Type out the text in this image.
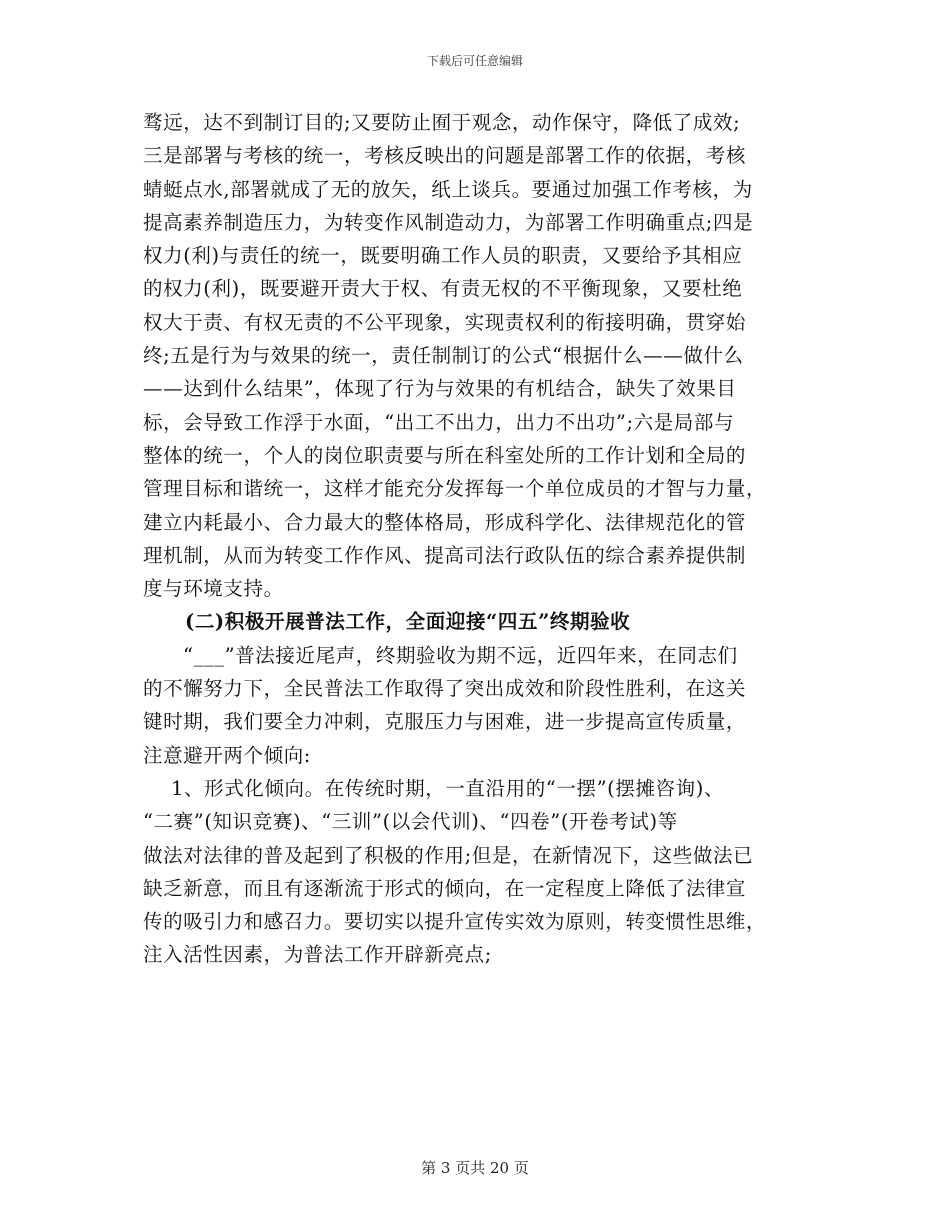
下载后可任意编辑
骛远，达不到制订目的;又要防止囿于观念，动作保守，降低了成效;
三是部署与考核的统一，考核反映出的问题是部署工作的依据，考核
蜻蜓点水,部署就成了无的放矢，纸上谈兵。要通过加强工作考核，为
提高素养制造压力，为转变作风制造动力，为部署工作明确重点;四是
权力(利)与责任的统一，既要明确工作人员的职责，又要给予其相应
的权力(利)，既要避开责大于权、有责无权的不平衡现象，又要杜绝
权大于责、有权无责的不公平现象，实现责权利的衔接明确，贯穿始
终;五是行为与效果的统一，责任制制订的公式“根据什么——做什么
——达到什么结果”，体现了行为与效果的有机结合，缺失了效果目
标，会导致工作浮于水面，“出工不出力，出力不出功”;六是局部与
整体的统一，个人的岗位职责要与所在科室处所的工作计划和全局的
管理目标和谐统一，这样才能充分发挥每一个单位成员的才智与力量，
建立内耗最小、合力最大的整体格局，形成科学化、法律规范化的管
理机制，从而为转变工作作风、提高司法行政队伍的综合素养提供制
度与环境支持。
(二)积极开展普法工作，全面迎接“四五”终期验收
“___”普法接近尾声，终期验收为期不远，近四年来，在同志们
的不懈努力下，全民普法工作取得了突出成效和阶段性胜利，在这关
键时期，我们要全力冲刺，克服压力与困难，进一步提高宣传质量，
注意避开两个倾向:
1、形式化倾向。在传统时期，一直沿用的“一摆”(摆摊咨询)、
“二赛”(知识竞赛)、“三训”(以会代训)、“四卷”(开卷考试)等
做法对法律的普及起到了积极的作用;但是，在新情况下，这些做法已
缺乏新意，而且有逐渐流于形式的倾向，在一定程度上降低了法律宣
传的吸引力和感召力。要切实以提升宣传实效为原则，转变惯性思维，
注入活性因素，为普法工作开辟新亮点;
第 3 页共 20 页
